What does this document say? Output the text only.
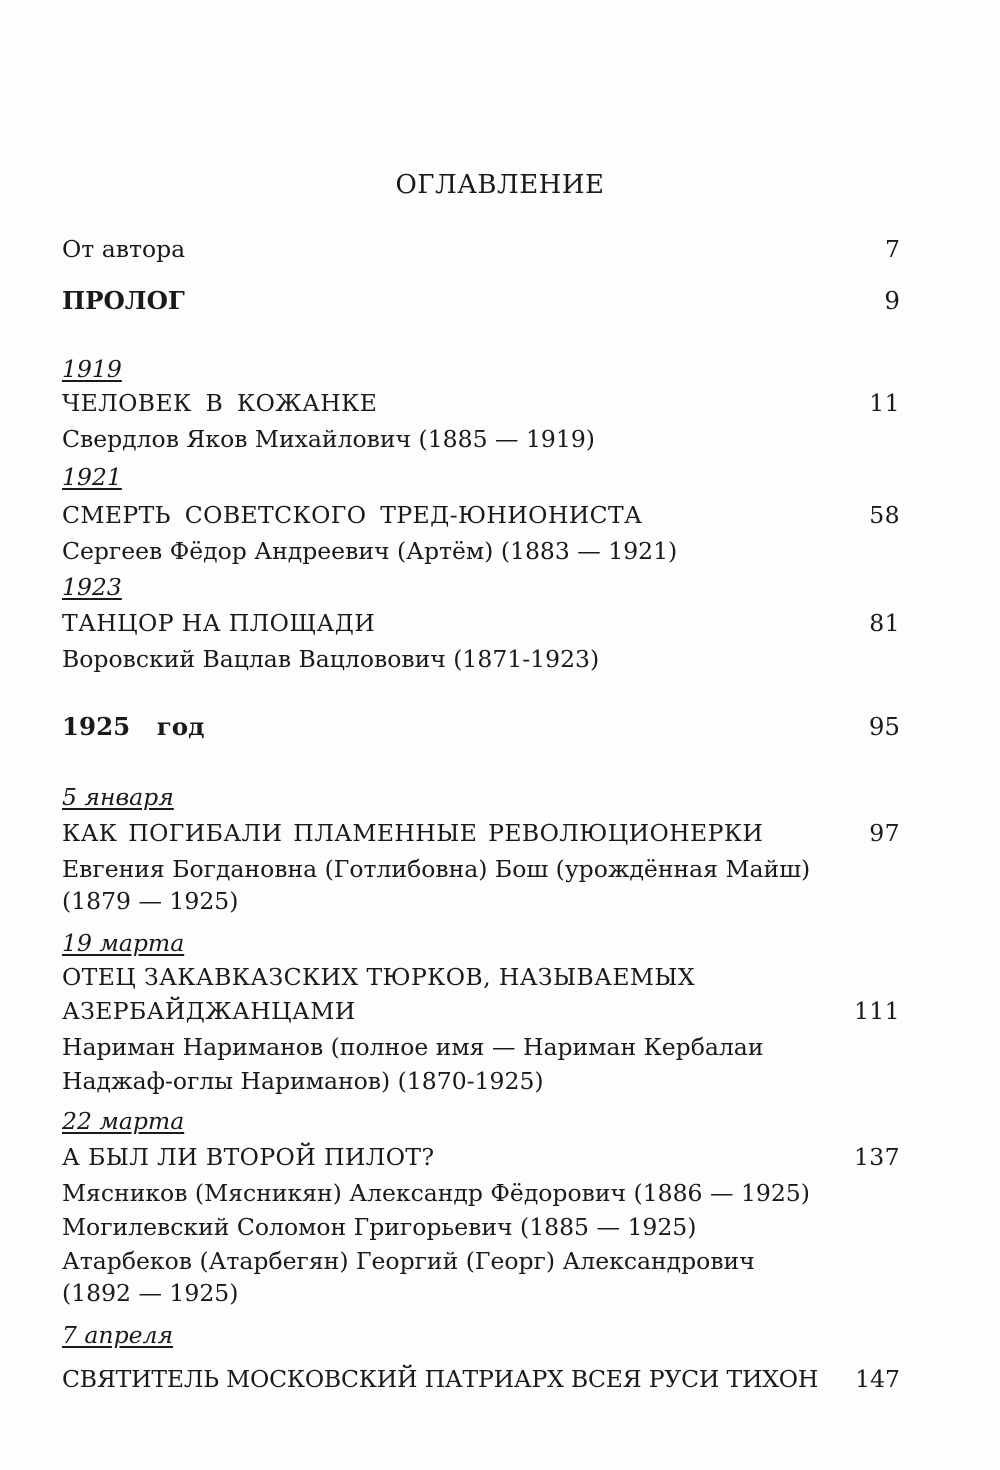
ОГЛАВЛЕНИЕ
От автора	7
ПРОЛОГ	9
1919
ЧЕЛОВЕК В КОЖАНКЕ	11
Свердлов Яков Михайлович (1885 — 1919)
1921
СМЕРТЬ СОВЕТСКОГО ТРЕД-ЮНИОНИСТА	58
Сергеев Фёдор Андреевич (Артём) (1883 — 1921)
1923
ТАНЦОР НА ПЛОЩАДИ	81
Воровский Вацлав Вацловович (1871-1923)
1925 год	95
5 января
КАК ПОГИБАЛИ ПЛАМЕННЫЕ РЕВОЛЮЦИОНЕРКИ	97
Евгения Богдановна (Готлибовна) Бош (урождённая Майш)
(1879 — 1925)
19 марта
ОТЕЦ ЗАКАВКАЗСКИХ ТЮРКОВ, НАЗЫВАЕМЫХ
АЗЕРБАЙДЖАНЦАМИ	111
Нариман Нариманов (полное имя — Нариман Кербалаи
Наджаф-оглы Нариманов) (1870-1925)
22 марта
А БЫЛ ЛИ ВТОРОЙ ПИЛОТ?	137
Мясников (Мясникян) Александр Фёдорович (1886 — 1925)
Могилевский Соломон Григорьевич (1885 — 1925)
Атарбеков (Атарбегян) Георгий (Георг) Александрович
(1892 — 1925)
7 апреля
СВЯТИТЕЛЬ МОСКОВСКИЙ ПАТРИАРХ ВСЕЯ РУСИ ТИХОН 147
